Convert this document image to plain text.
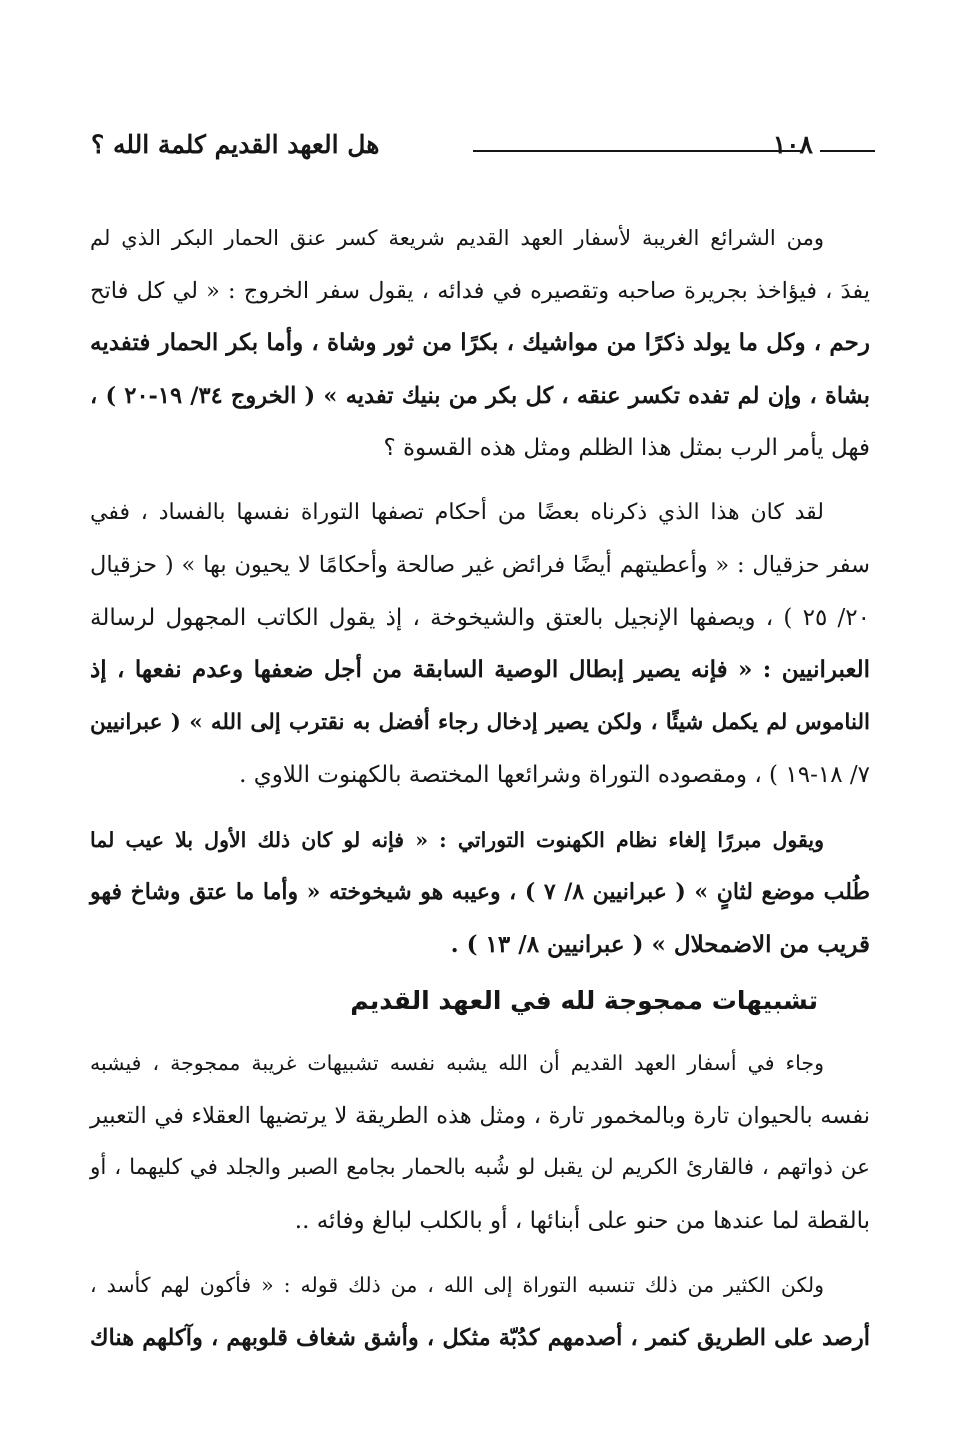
هل العهد القديم كلمة الله ؟	١٠٨

ومن الشرائع الغريبة لأسفار العهد القديم شريعة كسر عنق الحمار البكر الذي لم
يفدَ ، فيؤاخذ بجريرة صاحبه وتقصيره في فدائه ، يقول سفر الخروج : « لي كل فاتح
رحم ، وكل ما يولد ذكرًا من مواشيك ، بكرًا من ثور وشاة ، وأما بكر الحمار فتفديه
بشاة ، وإن لم تفده تكسر عنقه ، كل بكر من بنيك تفديه » ( الخروج ٣٤/ ١٩-٢٠ ) ،
فهل يأمر الرب بمثل هذا الظلم ومثل هذه القسوة ؟

لقد كان هذا الذي ذكرناه بعضًا من أحكام تصفها التوراة نفسها بالفساد ، ففي
سفر حزقيال : « وأعطيتهم أيضًا فرائض غير صالحة وأحكامًا لا يحيون بها » ( حزقيال
٢٠/ ٢٥ ) ، ويصفها الإنجيل بالعتق والشيخوخة ، إذ يقول الكاتب المجهول لرسالة
العبرانيين : « فإنه يصير إبطال الوصية السابقة من أجل ضعفها وعدم نفعها ، إذ
الناموس لم يكمل شيئًا ، ولكن يصير إدخال رجاء أفضل به نقترب إلى الله » ( عبرانيين
٧/ ١٨-١٩ ) ، ومقصوده التوراة وشرائعها المختصة بالكهنوت اللاوي .

ويقول مبررًا إلغاء نظام الكهنوت التوراتي : « فإنه لو كان ذلك الأول بلا عيب لما
طُلب موضع لثانٍ » ( عبرانيين ٨/ ٧ ) ، وعيبه هو شيخوخته « وأما ما عتق وشاخ فهو
قريب من الاضمحلال » ( عبرانيين ٨/ ١٣ ) .

تشبيهات ممجوجة لله في العهد القديم

وجاء في أسفار العهد القديم أن الله يشبه نفسه تشبيهات غريبة ممجوجة ، فيشبه
نفسه بالحيوان تارة وبالمخمور تارة ، ومثل هذه الطريقة لا يرتضيها العقلاء في التعبير
عن ذواتهم ، فالقارئ الكريم لن يقبل لو شُبه بالحمار بجامع الصبر والجلد في كليهما ، أو
بالقطة لما عندها من حنو على أبنائها ، أو بالكلب لبالغ وفائه ..

ولكن الكثير من ذلك تنسبه التوراة إلى الله ، من ذلك قوله : « فأكون لهم كأسد ،
أرصد على الطريق كنمر ، أصدمهم كدُبّة مثكل ، وأشق شغاف قلوبهم ، وآكلهم هناك
